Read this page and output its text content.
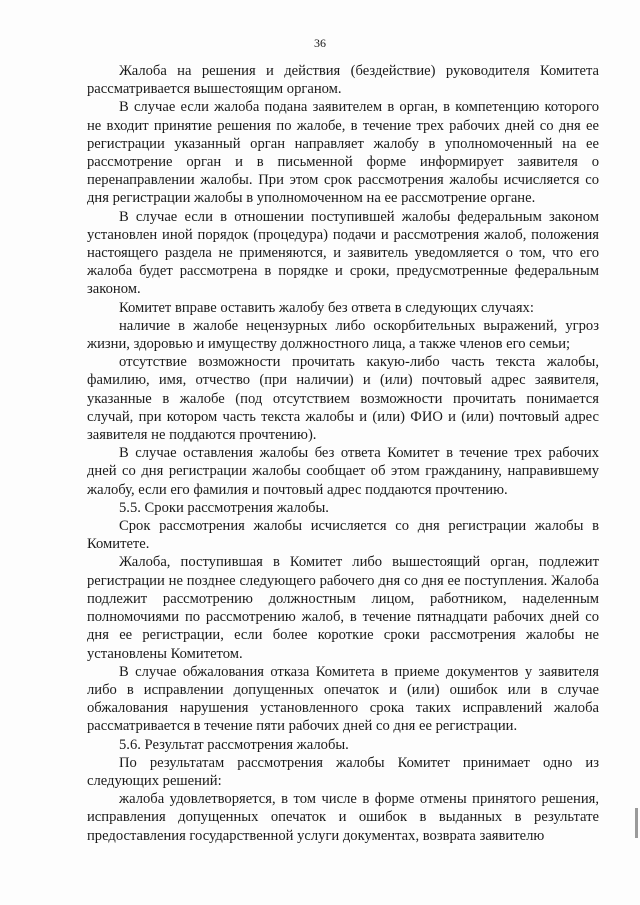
36

Жалоба на решения и действия (бездействие) руководителя Комитета рассматривается вышестоящим органом.

В случае если жалоба подана заявителем в орган, в компетенцию которого не входит принятие решения по жалобе, в течение трех рабочих дней со дня ее регистрации указанный орган направляет жалобу в уполномоченный на ее рассмотрение орган и в письменной форме информирует заявителя о перенаправлении жалобы. При этом срок рассмотрения жалобы исчисляется со дня регистрации жалобы в уполномоченном на ее рассмотрение органе.

В случае если в отношении поступившей жалобы федеральным законом установлен иной порядок (процедура) подачи и рассмотрения жалоб, положения настоящего раздела не применяются, и заявитель уведомляется о том, что его жалоба будет рассмотрена в порядке и сроки, предусмотренные федеральным законом.

Комитет вправе оставить жалобу без ответа в следующих случаях:

наличие в жалобе нецензурных либо оскорбительных выражений, угроз жизни, здоровью и имуществу должностного лица, а также членов его семьи;

отсутствие возможности прочитать какую-либо часть текста жалобы, фамилию, имя, отчество (при наличии) и (или) почтовый адрес заявителя, указанные в жалобе (под отсутствием возможности прочитать понимается случай, при котором часть текста жалобы и (или) ФИО и (или) почтовый адрес заявителя не поддаются прочтению).

В случае оставления жалобы без ответа Комитет в течение трех рабочих дней со дня регистрации жалобы сообщает об этом гражданину, направившему жалобу, если его фамилия и почтовый адрес поддаются прочтению.

5.5. Сроки рассмотрения жалобы.

Срок рассмотрения жалобы исчисляется со дня регистрации жалобы в Комитете.

Жалоба, поступившая в Комитет либо вышестоящий орган, подлежит регистрации не позднее следующего рабочего дня со дня ее поступления. Жалоба подлежит рассмотрению должностным лицом, работником, наделенным полномочиями по рассмотрению жалоб, в течение пятнадцати рабочих дней со дня ее регистрации, если более короткие сроки рассмотрения жалобы не установлены Комитетом.

В случае обжалования отказа Комитета в приеме документов у заявителя либо в исправлении допущенных опечаток и (или) ошибок или в случае обжалования нарушения установленного срока таких исправлений жалоба рассматривается в течение пяти рабочих дней со дня ее регистрации.

5.6. Результат рассмотрения жалобы.

По результатам рассмотрения жалобы Комитет принимает одно из следующих решений:

жалоба удовлетворяется, в том числе в форме отмены принятого решения, исправления допущенных опечаток и ошибок в выданных в результате предоставления государственной услуги документах, возврата заявителю
